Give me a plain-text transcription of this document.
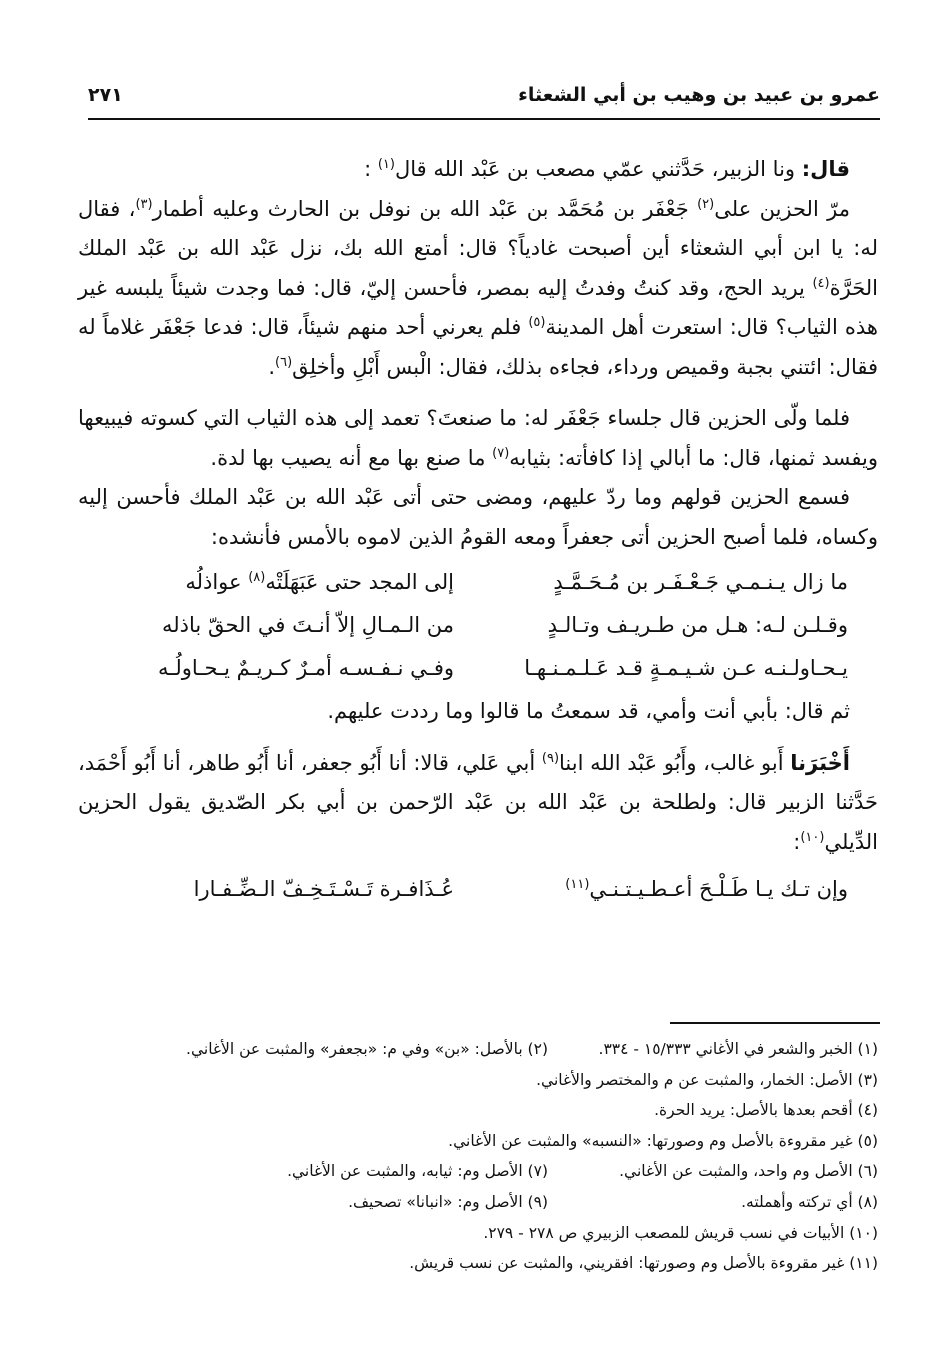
عمرو بن عبيد بن وهيب بن أبي الشعثاء
٢٧١

قال: ونا الزبير، حَدَّثني عمّي مصعب بن عَبْد الله قال$^{(١)}$ :

مرّ الحزين على$^{(٢)}$ جَعْفَر بن مُحَمَّد بن عَبْد الله بن نوفل بن الحارث وعليه أطمار$^{(٣)}$، فقال له: يا ابن أبي الشعثاء أين أصبحت غادياً؟ قال: أمتع الله بك، نزل عَبْد الله بن عَبْد الملك الحَرَّة$^{(٤)}$ يريد الحج، وقد كنتُ وفدتُ إليه بمصر، فأحسن إليّ، قال: فما وجدت شيئاً يلبسه غير هذه الثياب؟ قال: استعرت أهل المدينة$^{(٥)}$ فلم يعرني أحد منهم شيئاً، قال: فدعا جَعْفَر غلاماً له فقال: ائتني بجبة وقميص ورداء، فجاءه بذلك، فقال: الْبس أَبْلِ وأخلِق$^{(٦)}$.

فلما ولّى الحزين قال جلساء جَعْفَر له: ما صنعتَ؟ تعمد إلى هذه الثياب التي كسوته فيبيعها ويفسد ثمنها، قال: ما أبالي إذا كافأته: بثيابه$^{(٧)}$ ما صنع بها مع أنه يصيب بها لدة.

فسمع الحزين قولهم وما ردّ عليهم، ومضى حتى أتى عَبْد الله بن عَبْد الملك فأحسن إليه وكساه، فلما أصبح الحزين أتى جعفراً ومعه القومُ الذين لاموه بالأمس فأنشده:

ما زال يـنـمـي جَـعْـفَـر بن مُـحَـمَّـدٍ
إلى المجد حتى عَبَهَلَتْه$^{(٨)}$ عواذلُه
وقـلـن لـه: هـل من طـريـف وتـالـدٍ
من الـمـالِ إلاّ أنـتَ في الحقّ باذله
يـحـاولـنـه عـن شـيـمـةٍ قـد عَـلـمـنـهـا
وفـي نـفـسـه أمـرٌ كـريـمٌ يـحـاولُـه

ثم قال: بأبي أنت وأمي، قد سمعتُ ما قالوا وما رددت عليهم.

أَخْبَرَنا أَبو غالب، وأَبُو عَبْد الله ابنا$^{(٩)}$ أبي عَلي، قالا: أنا أَبُو جعفر، أنا أَبُو طاهر، أنا أَبُو أَحْمَد، حَدَّثنا الزبير قال: ولطلحة بن عَبْد الله بن عَبْد الرّحمن بن أبي بكر الصّديق يقول الحزين الدِّيلي$^{(١٠)}$:

وإن تـك يـا طَـلْـحَ أعـطـيـتـنـي$^{(١١)}$
عُـذَافـرة تَـسْـتَـخِـفّ الـضِّـفـارا
(١) الخبر والشعر في الأغاني ١٥/٣٣٣ - ٣٣٤.
(٢) بالأصل: «بن» وفي م: «بجعفر» والمثبت عن الأغاني.
(٣) الأصل: الخمار، والمثبت عن م والمختصر والأغاني.
(٤) أقحم بعدها بالأصل: يريد الحرة.
(٥) غير مقروءة بالأصل وم وصورتها: «النسبه» والمثبت عن الأغاني.
(٦) الأصل وم واحد، والمثبت عن الأغاني.
(٧) الأصل وم: ثيابه، والمثبت عن الأغاني.
(٨) أي تركته وأهملته.
(٩) الأصل وم: «انبانا» تصحيف.
(١٠) الأبيات في نسب قريش للمصعب الزبيري ص ٢٧٨ - ٢٧٩.
(١١) غير مقروءة بالأصل وم وصورتها: افقريني، والمثبت عن نسب قريش.
